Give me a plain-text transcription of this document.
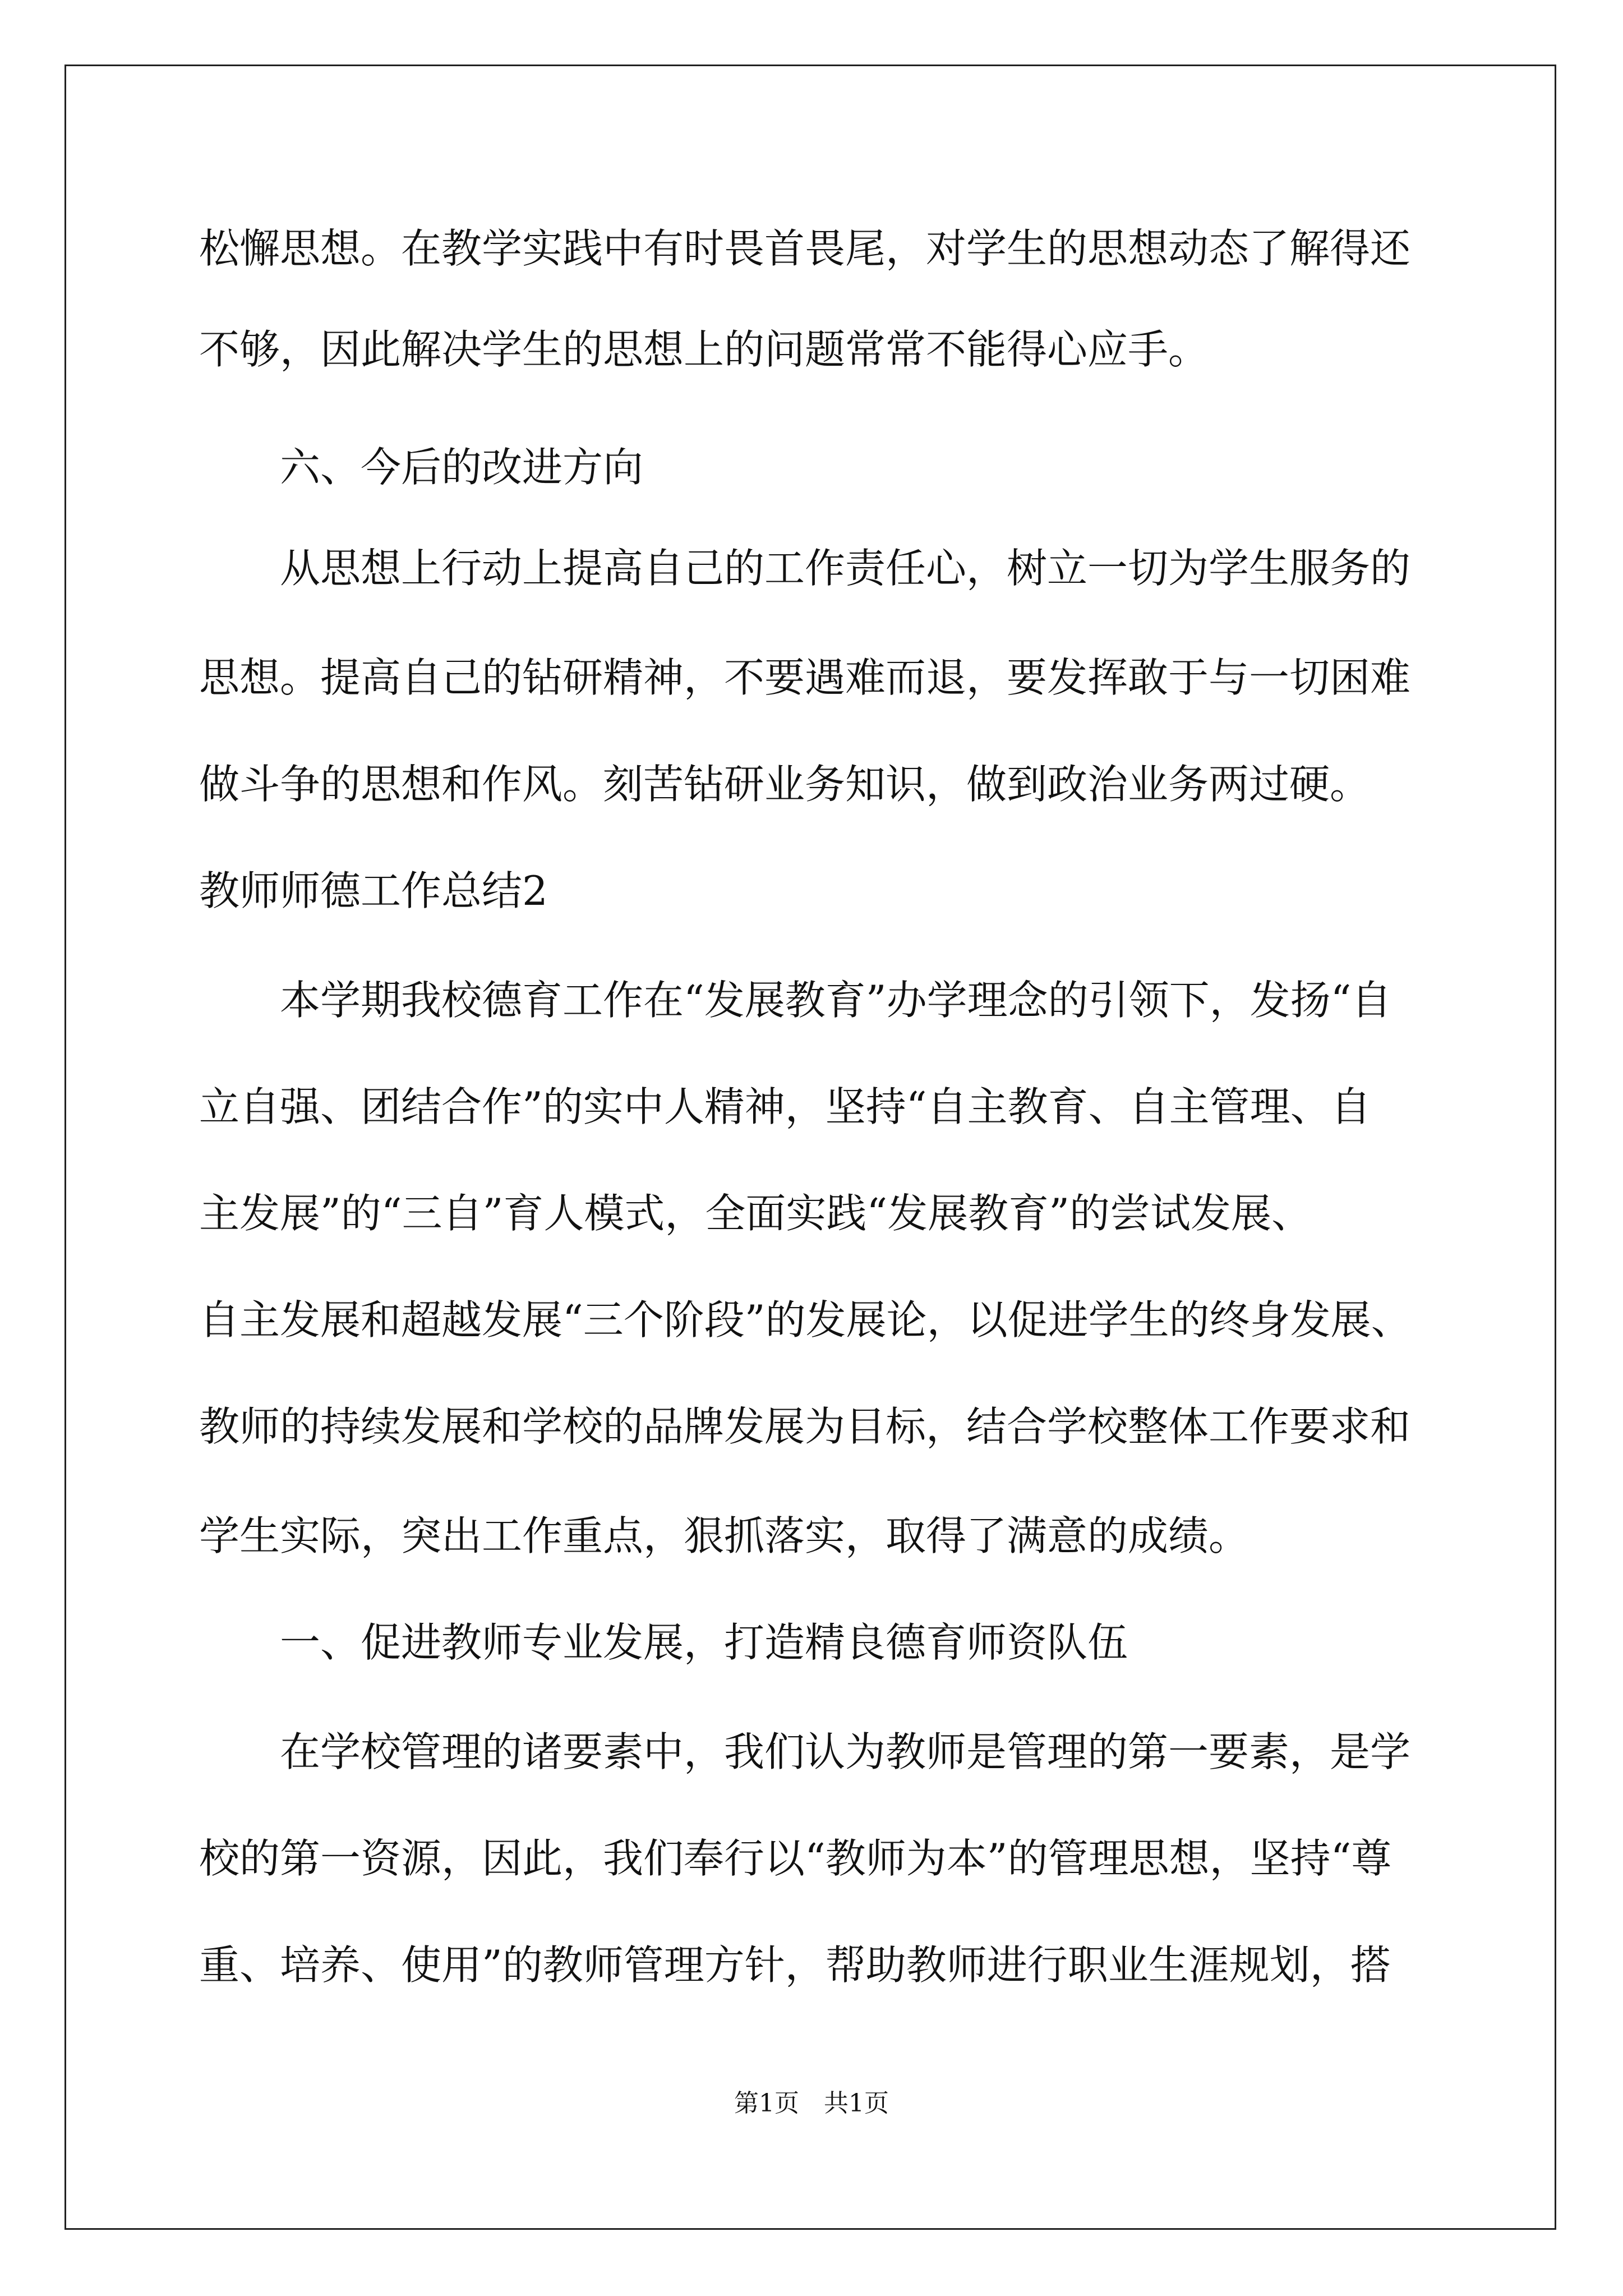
松懈思想。在教学实践中有时畏首畏尾，对学生的思想动态了解得还
不够，因此解决学生的思想上的问题常常不能得心应手。
　　六、今后的改进方向
　　从思想上行动上提高自己的工作责任心，树立一切为学生服务的
思想。提高自己的钻研精神，不要遇难而退，要发挥敢于与一切困难
做斗争的思想和作风。刻苦钻研业务知识，做到政治业务两过硬。
教师师德工作总结2
　　本学期我校德育工作在“发展教育”办学理念的引领下，发扬“自
立自强、团结合作”的实中人精神，坚持“自主教育、自主管理、自
主发展”的“三自”育人模式，全面实践“发展教育”的尝试发展、
自主发展和超越发展“三个阶段”的发展论，以促进学生的终身发展、
教师的持续发展和学校的品牌发展为目标，结合学校整体工作要求和
学生实际，突出工作重点，狠抓落实，取得了满意的成绩。
　　一、促进教师专业发展，打造精良德育师资队伍
　　在学校管理的诸要素中，我们认为教师是管理的第一要素，是学
校的第一资源，因此，我们奉行以“教师为本”的管理思想，坚持“尊
重、培养、使用”的教师管理方针，帮助教师进行职业生涯规划，搭
第1页　共1页
